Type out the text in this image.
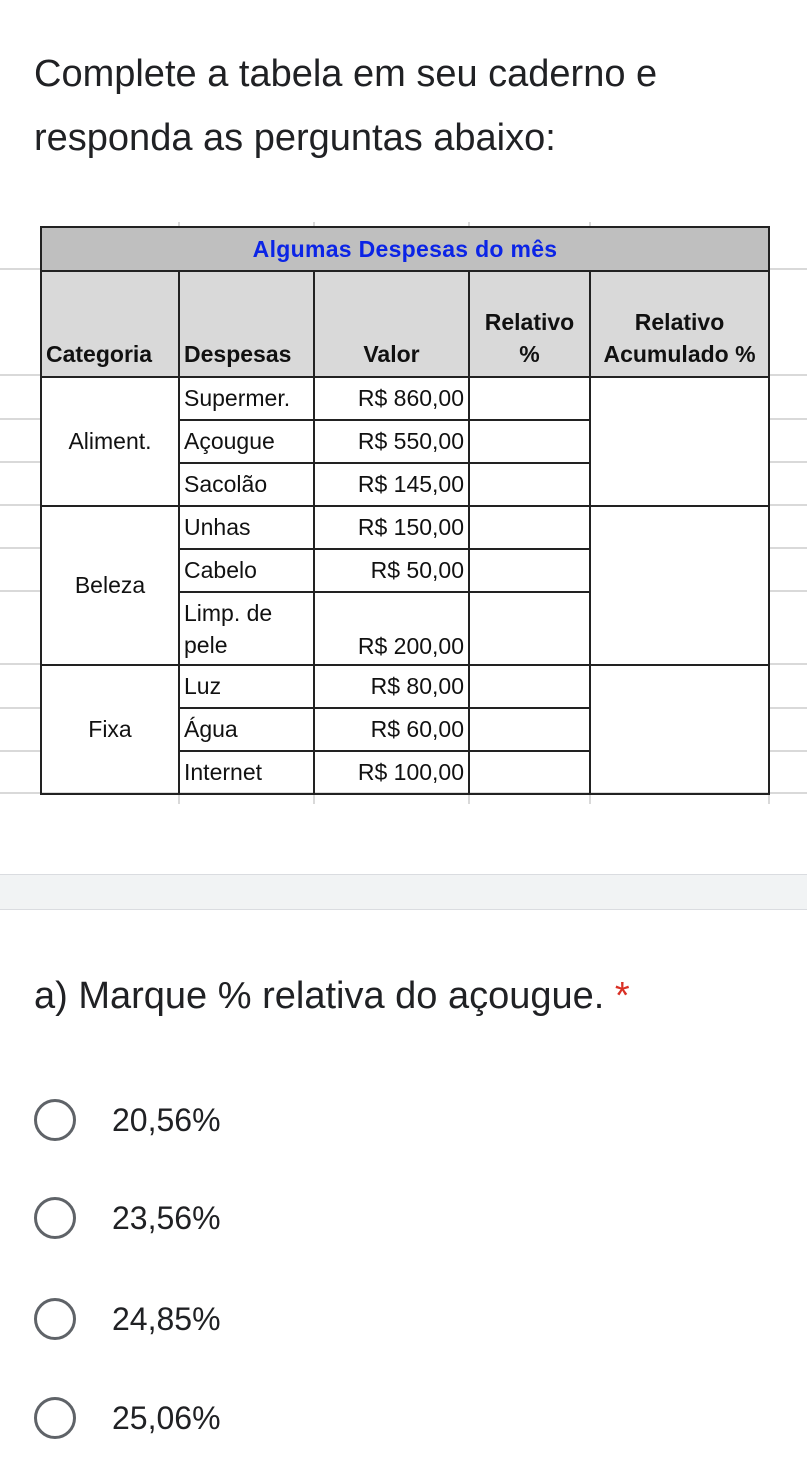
Complete a tabela em seu caderno e
responda as perguntas abaixo:
Algumas Despesas do mês				
Categoria	Despesas	Valor	Relativo %	Relativo Acumulado %
Aliment.	Supermer.	R$ 860,00		
	Açougue	R$ 550,00		
	Sacolão	R$ 145,00		
Beleza	Unhas	R$ 150,00		
	Cabelo	R$ 50,00		
	Limp. de pele	R$ 200,00		
Fixa	Luz	R$ 80,00		
	Água	R$ 60,00		
	Internet	R$ 100,00		
a) Marque % relativa do açougue. *
20,56%
23,56%
24,85%
25,06%
